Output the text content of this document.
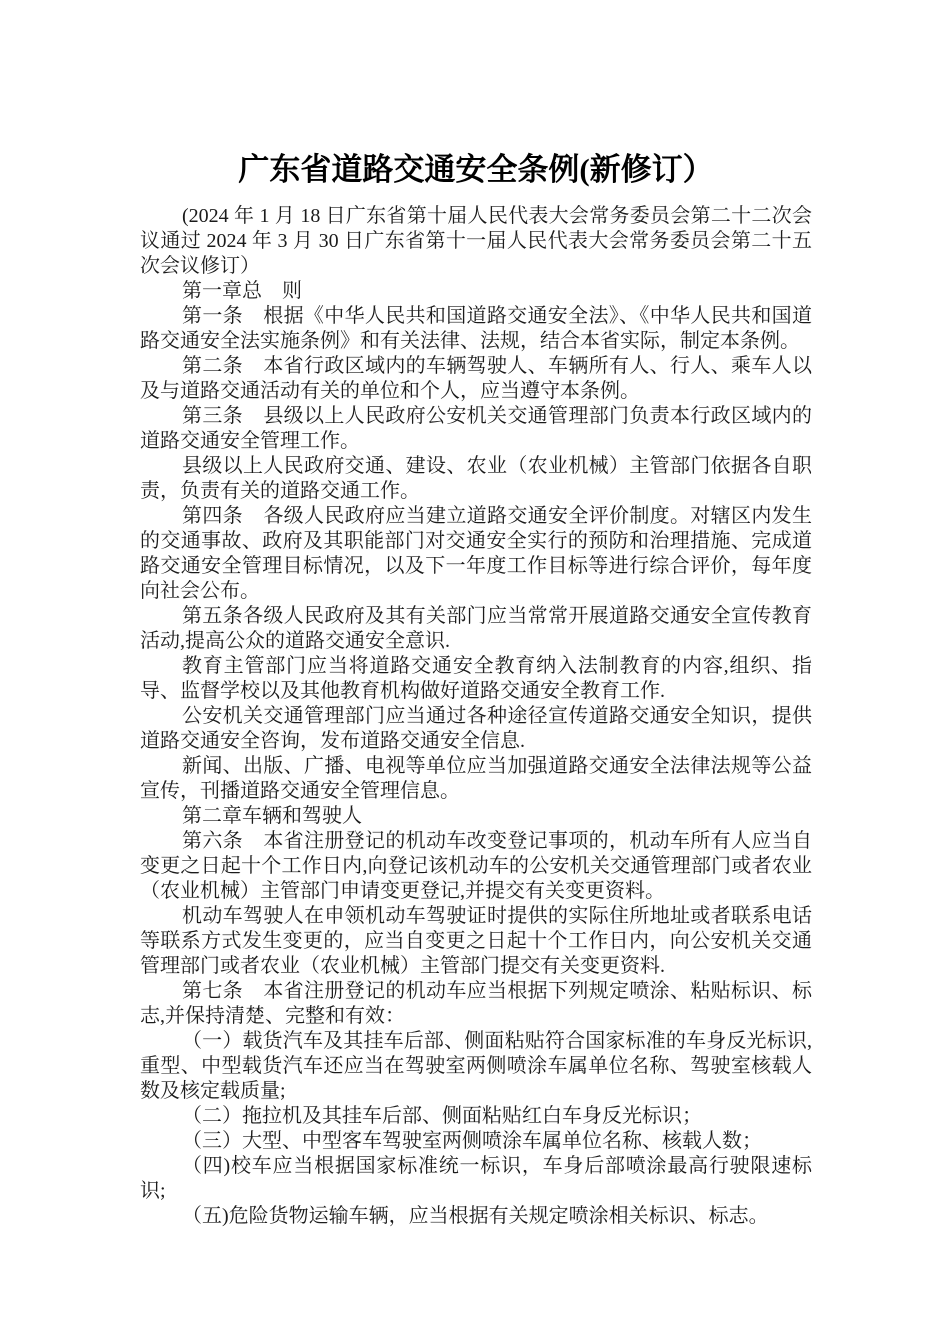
广东省道路交通安全条例(新修订）

(2024 年 1 月 18 日广东省第十届人民代表大会常务委员会第二十二次会议通过 2024 年 3 月 30 日广东省第十一届人民代表大会常务委员会第二十五次会议修订）

第一章总　则

第一条　根据《中华人民共和国道路交通安全法》、《中华人民共和国道路交通安全法实施条例》和有关法律、法规，结合本省实际，制定本条例。

第二条　本省行政区域内的车辆驾驶人、车辆所有人、行人、乘车人以及与道路交通活动有关的单位和个人，应当遵守本条例。

第三条　县级以上人民政府公安机关交通管理部门负责本行政区域内的道路交通安全管理工作。

县级以上人民政府交通、建设、农业（农业机械）主管部门依据各自职责，负责有关的道路交通工作。

第四条　各级人民政府应当建立道路交通安全评价制度。对辖区内发生的交通事故、政府及其职能部门对交通安全实行的预防和治理措施、完成道路交通安全管理目标情况，以及下一年度工作目标等进行综合评价，每年度向社会公布。

第五条各级人民政府及其有关部门应当常常开展道路交通安全宣传教育活动,提高公众的道路交通安全意识.

教育主管部门应当将道路交通安全教育纳入法制教育的内容,组织、指导、监督学校以及其他教育机构做好道路交通安全教育工作.

公安机关交通管理部门应当通过各种途径宣传道路交通安全知识，提供道路交通安全咨询，发布道路交通安全信息.

新闻、出版、广播、电视等单位应当加强道路交通安全法律法规等公益宣传，刊播道路交通安全管理信息。

第二章车辆和驾驶人

第六条　本省注册登记的机动车改变登记事项的，机动车所有人应当自变更之日起十个工作日内,向登记该机动车的公安机关交通管理部门或者农业（农业机械）主管部门申请变更登记,并提交有关变更资料。

机动车驾驶人在申领机动车驾驶证时提供的实际住所地址或者联系电话等联系方式发生变更的，应当自变更之日起十个工作日内，向公安机关交通管理部门或者农业（农业机械）主管部门提交有关变更资料.

第七条　本省注册登记的机动车应当根据下列规定喷涂、粘贴标识、标志,并保持清楚、完整和有效：

（一）载货汽车及其挂车后部、侧面粘贴符合国家标准的车身反光标识,重型、中型载货汽车还应当在驾驶室两侧喷涂车属单位名称、驾驶室核载人数及核定载质量;

（二）拖拉机及其挂车后部、侧面粘贴红白车身反光标识；

（三）大型、中型客车驾驶室两侧喷涂车属单位名称、核载人数；

（四)校车应当根据国家标准统一标识，车身后部喷涂最高行驶限速标识;

（五)危险货物运输车辆，应当根据有关规定喷涂相关标识、标志。
